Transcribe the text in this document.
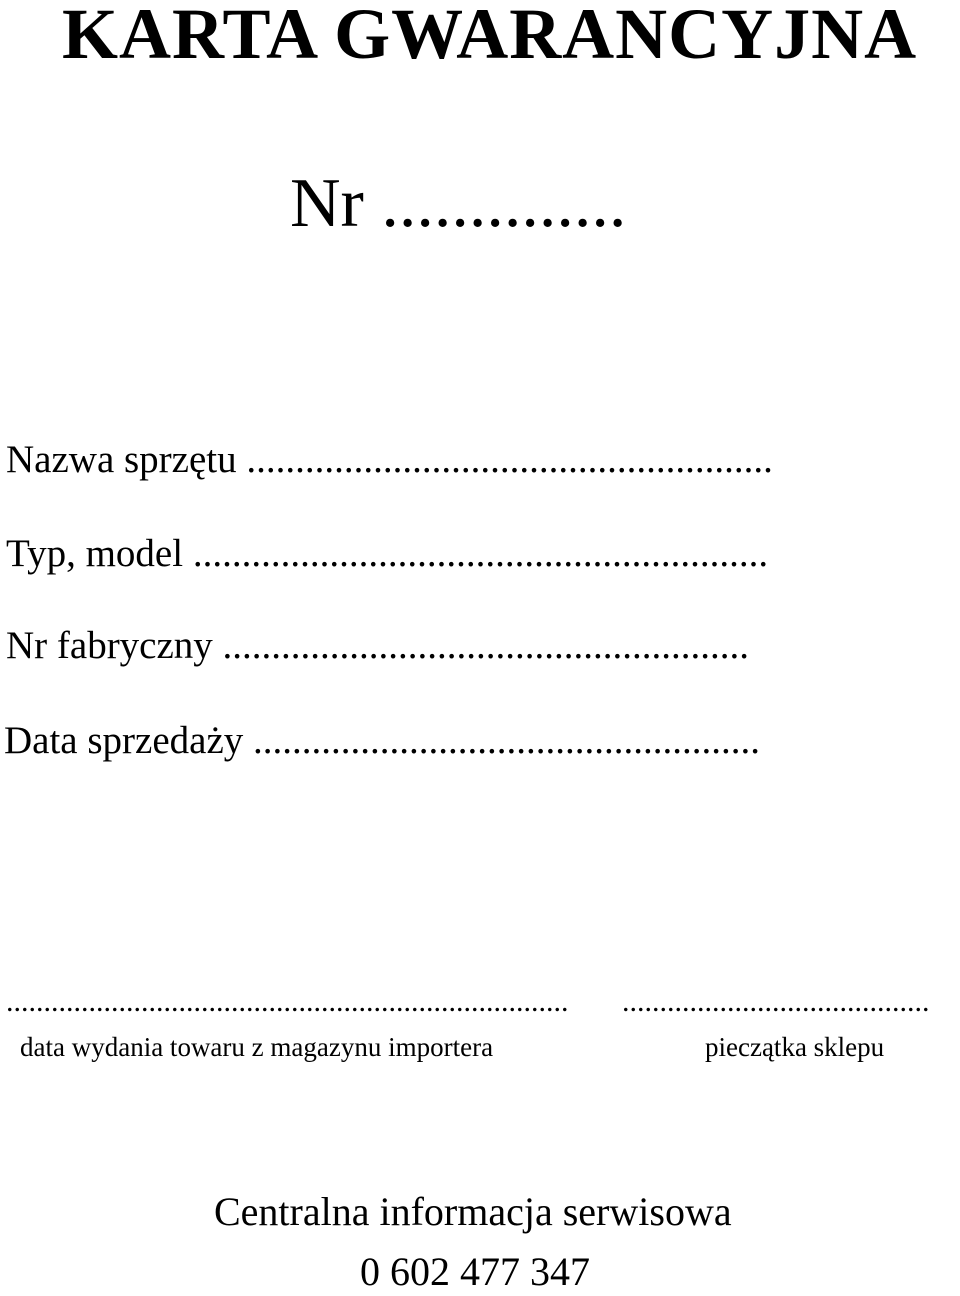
KARTA GWARANCYJNA
Nr ..............
Nazwa sprzętu ......................................................
Typ, model ...........................................................
Nr fabryczny ......................................................
Data sprzedaży ....................................................
...........................................................................
data wydania towaru z magazynu importera
.........................................
pieczątka sklepu
Centralna informacja serwisowa
0 602 477 347
